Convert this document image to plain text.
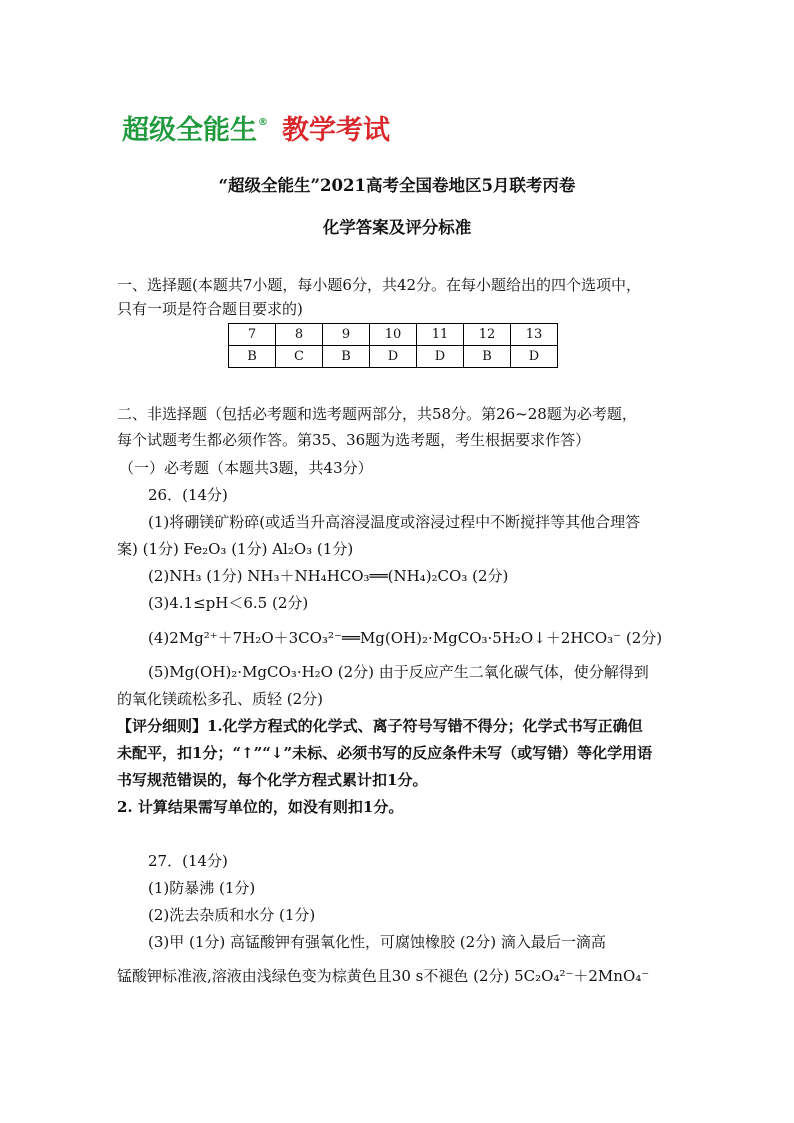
超级全能生® 教学考试
“超级全能生”2021高考全国卷地区5月联考丙卷
化学答案及评分标准
一、选择题(本题共7小题，每小题6分，共42分。在每小题给出的四个选项中，
只有一项是符合题目要求的)
7	8	9	10	11	12	13
B	C	B	D	D	B	D
二、非选择题（包括必考题和选考题两部分，共58分。第26~28题为必考题，
每个试题考生都必须作答。第35、36题为选考题，考生根据要求作答）
（一）必考题（本题共3题，共43分）
26．(14分)
(1)将硼镁矿粉碎(或适当升高溶浸温度或溶浸过程中不断搅拌等其他合理答
案) (1分) Fe₂O₃ (1分) Al₂O₃ (1分)
(2)NH₃ (1分) NH₃＋NH₄HCO₃══(NH₄)₂CO₃ (2分)
(3)4.1≤pH＜6.5 (2分)
(4)2Mg²⁺＋7H₂O＋3CO₃²⁻══Mg(OH)₂·MgCO₃·5H₂O↓＋2HCO₃⁻ (2分)
(5)Mg(OH)₂·MgCO₃·H₂O (2分) 由于反应产生二氧化碳气体，使分解得到
的氧化镁疏松多孔、质轻 (2分)
【评分细则】1.化学方程式的化学式、离子符号写错不得分；化学式书写正确但
未配平，扣1分；“↑”“↓”未标、必须书写的反应条件未写（或写错）等化学用语
书写规范错误的，每个化学方程式累计扣1分。
2. 计算结果需写单位的，如没有则扣1分。
27．(14分)
(1)防暴沸 (1分)
(2)洗去杂质和水分 (1分)
(3)甲 (1分) 高锰酸钾有强氧化性，可腐蚀橡胶 (2分) 滴入最后一滴高
锰酸钾标准液,溶液由浅绿色变为棕黄色且30 s不褪色 (2分) 5C₂O₄²⁻＋2MnO₄⁻
